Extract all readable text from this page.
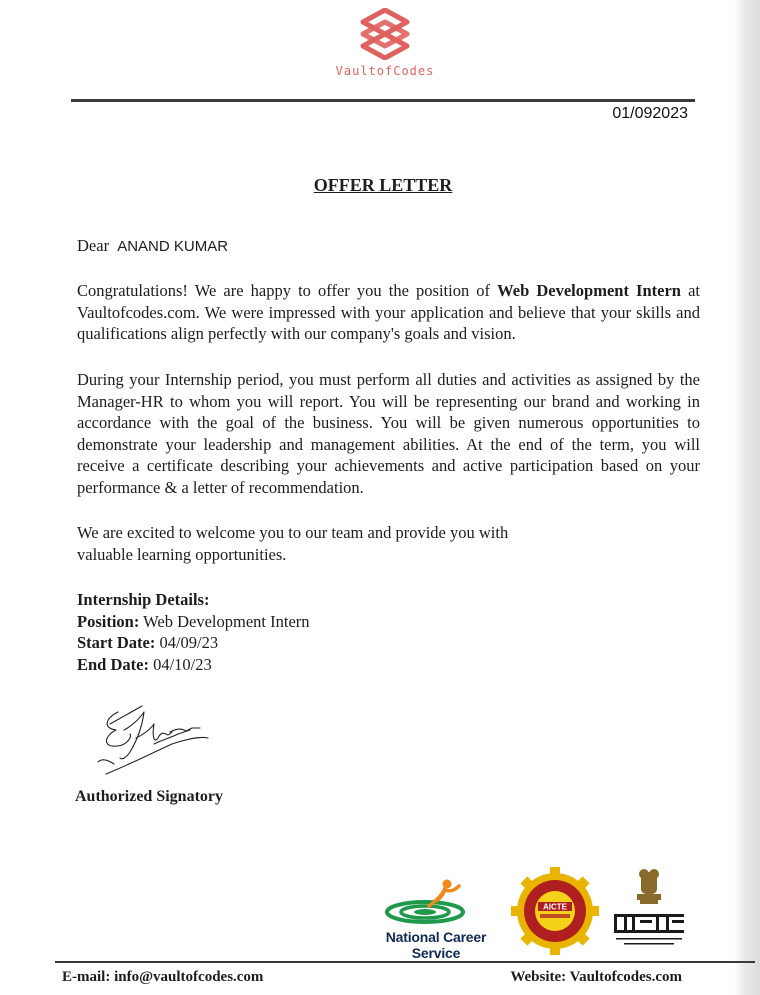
VaultofCodes
01/092023
OFFER LETTER
Dear ANAND KUMAR
Congratulations! We are happy to offer you the position of Web Development Intern at Vaultofcodes.com. We were impressed with your application and believe that your skills and qualifications align perfectly with our company's goals and vision.
During your Internship period, you must perform all duties and activities as assigned by the Manager-HR to whom you will report. You will be representing our brand and working in accordance with the goal of the business. You will be given numerous opportunities to demonstrate your leadership and management abilities. At the end of the term, you will receive a certificate describing your achievements and active participation based on your performance & a letter of recommendation.
We are excited to welcome you to our team and provide you with valuable learning opportunities.
Internship Details:
Position: Web Development Intern
Start Date: 04/09/23
End Date: 04/10/23
Authorized Signatory
National Career Service
AICTE
E-mail: info@vaultofcodes.com	Website: Vaultofcodes.com
